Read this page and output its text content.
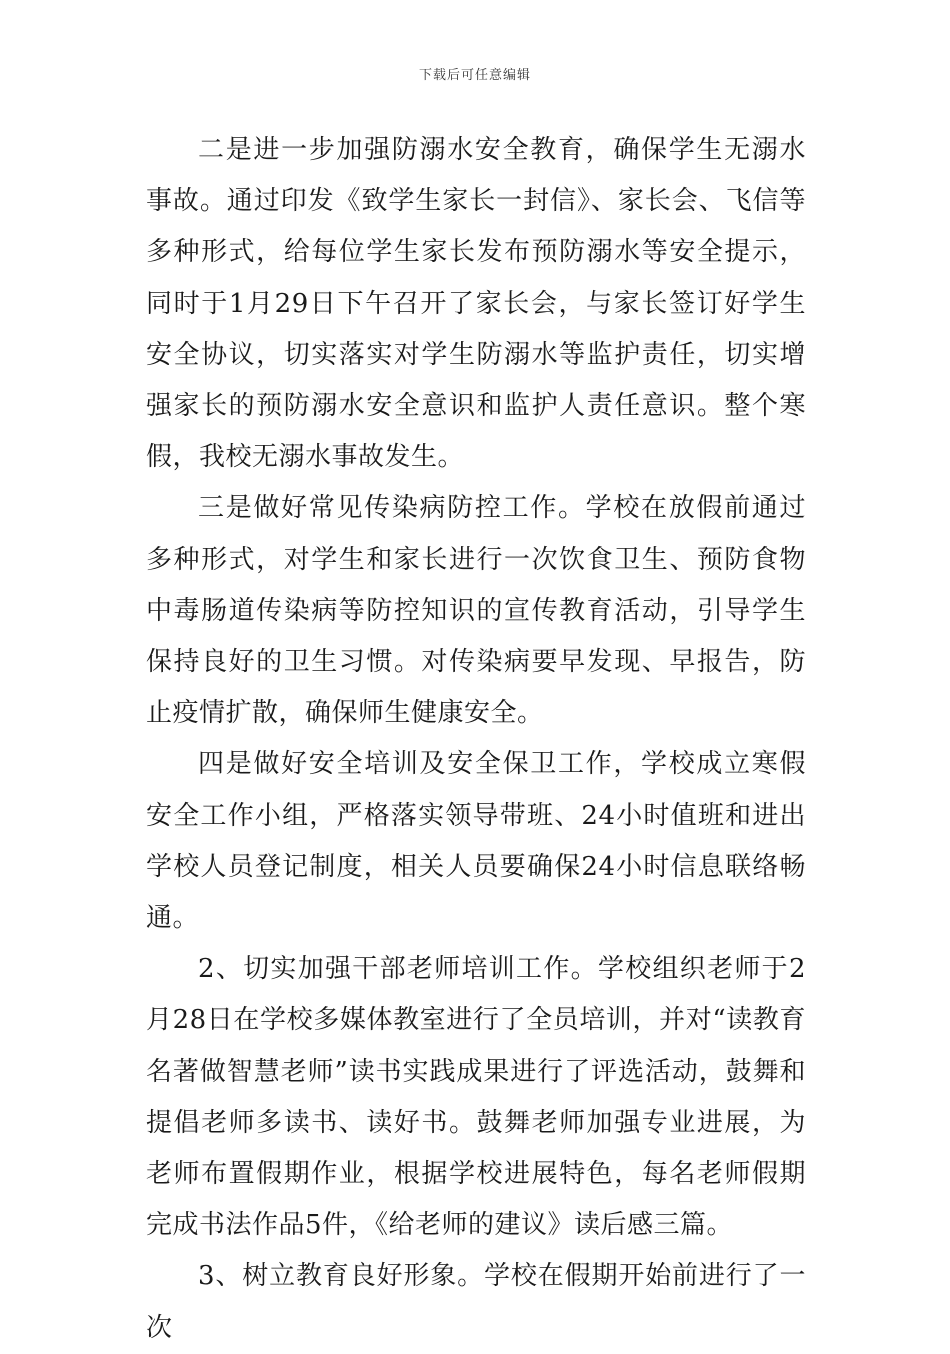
下载后可任意编辑

二是进一步加强防溺水安全教育，确保学生无溺水事故。通过印发《致学生家长一封信》、家长会、飞信等多种形式，给每位学生家长发布预防溺水等安全提示，同时于1月29日下午召开了家长会，与家长签订好学生安全协议，切实落实对学生防溺水等监护责任，切实增强家长的预防溺水安全意识和监护人责任意识。整个寒假，我校无溺水事故发生。

三是做好常见传染病防控工作。学校在放假前通过多种形式，对学生和家长进行一次饮食卫生、预防食物中毒肠道传染病等防控知识的宣传教育活动，引导学生保持良好的卫生习惯。对传染病要早发现、早报告，防止疫情扩散，确保师生健康安全。

四是做好安全培训及安全保卫工作，学校成立寒假安全工作小组，严格落实领导带班、24小时值班和进出学校人员登记制度，相关人员要确保24小时信息联络畅通。

2、切实加强干部老师培训工作。学校组织老师于2月28日在学校多媒体教室进行了全员培训，并对“读教育名著做智慧老师”读书实践成果进行了评选活动，鼓舞和提倡老师多读书、读好书。鼓舞老师加强专业进展，为老师布置假期作业，根据学校进展特色，每名老师假期完成书法作品5件，《给老师的建议》读后感三篇。

3、树立教育良好形象。学校在假期开始前进行了一次
